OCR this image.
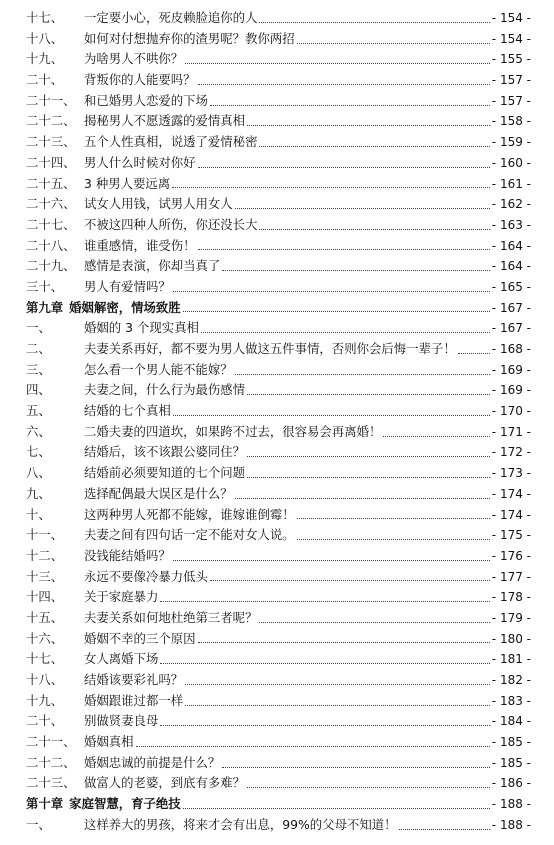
十七、	一定要小心，死皮赖脸追你的人	- 154 -
十八、	如何对付想抛弃你的渣男呢？教你两招	- 154 -
十九、	为啥男人不哄你？	- 155 -
二十、	背叛你的人能要吗？	- 157 -
二十一、 和已婚男人恋爱的下场	- 157 -
二十二、 揭秘男人不愿透露的爱情真相	- 158 -
二十三、 五个人性真相，说透了爱情秘密	- 159 -
二十四、 男人什么时候对你好	- 160 -
二十五、 3 种男人要远离	- 161 -
二十六、 试女人用钱，试男人用女人	- 162 -
二十七、 不被这四种人所伤，你还没长大	- 163 -
二十八、 谁重感情，谁受伤！	- 164 -
二十九、 感情是表演，你却当真了	- 164 -
三十、	男人有爱情吗？	- 165 -
第九章 婚姻解密，情场致胜	- 167 -
一、	婚姻的 3 个现实真相	- 167 -
二、	夫妻关系再好，都不要为男人做这五件事情，否则你会后悔一辈子！	- 168 -
三、	怎么看一个男人能不能嫁？	- 169 -
四、	夫妻之间，什么行为最伤感情	- 169 -
五、	结婚的七个真相	- 170 -
六、	二婚夫妻的四道坎，如果跨不过去，很容易会再离婚！	- 171 -
七、	结婚后，该不该跟公婆同住？	- 172 -
八、	结婚前必须要知道的七个问题	- 173 -
九、	选择配偶最大误区是什么？	- 174 -
十、	这两种男人死都不能嫁，谁嫁谁倒霉！	- 174 -
十一、	夫妻之间有四句话一定不能对女人说。	- 175 -
十二、	没钱能结婚吗？	- 176 -
十三、	永远不要像冷暴力低头	- 177 -
十四、	关于家庭暴力	- 178 -
十五、	夫妻关系如何地杜绝第三者呢？	- 179 -
十六、	婚姻不幸的三个原因	- 180 -
十七、	女人离婚下场	- 181 -
十八、	结婚该要彩礼吗？	- 182 -
十九、	婚姻跟谁过都一样	- 183 -
二十、	别做贤妻良母	- 184 -
二十一、 婚姻真相	- 185 -
二十二、 婚姻忠诚的前提是什么？	- 185 -
二十三、 做富人的老婆，到底有多难？	- 186 -
第十章 家庭智慧，育子绝技	- 188 -
一、	这样养大的男孩，将来才会有出息，99%的父母不知道！	- 188 -
